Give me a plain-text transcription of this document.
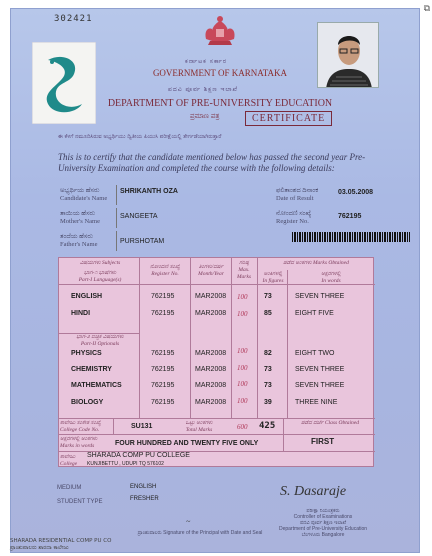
⧉
302421
ಕರ್ನಾಟಕ ಸರ್ಕಾರ
GOVERNMENT OF KARNATAKA
ಪದವಿ ಪೂರ್ವ ಶಿಕ್ಷಣ ಇಲಾಖೆ
DEPARTMENT OF PRE-UNIVERSITY EDUCATION
ಪ್ರಮಾಣ ಪತ್ರ	CERTIFICATE
ಈ ಕೆಳಗೆ ನಮೂದಿಸಿರುವ ಅಭ್ಯರ್ಥಿಯು ದ್ವಿತೀಯ ಪಿಯುಸಿ ಪರೀಕ್ಷೆಯಲ್ಲಿ ತೇರ್ಗಡೆಯಾಗಿರುತ್ತಾರೆ
This is to certify that the candidate mentioned below has passed the second year Pre-University Examination and completed the course with the following details:
ಅಭ್ಯರ್ಥಿಯ ಹೆಸರು
Candidate's Name
SHRIKANTH OZA	ಫಲಿತಾಂಶದ ದಿನಾಂಕ
Date of Result
03.05.2008
ತಾಯಿಯ ಹೆಸರು
Mother's Name
SANGEETA	ನೋಂದಣಿ ಸಂಖ್ಯೆ
Register No.
762195
ತಂದೆಯ ಹೆಸರು
Father's Name	PURSHOTAM
ವಿಷಯಗಳು Subjects
ಭಾಗ-೧ ಭಾಷೆಗಳು
Part-I Language(s)
ನೋಂದಣಿ ಸಂಖ್ಯೆ
Register No.
ತಿಂಗಳು/ವರ್ಷ
Month/Year
ಗರಿಷ್ಠ
Max. Marks
ಪಡೆದ ಅಂಕಗಳು Marks Obtained
ಅಂಕಿಗಳಲ್ಲಿ
In figures
ಅಕ್ಷರಗಳಲ್ಲಿ
In words
ಭಾಗ-೨ ಐಚ್ಛಿಕ ವಿಷಯಗಳು
Part-II Optionals
ENGLISH	762195	MAR2008 100 73	SEVEN THREE
HINDI	762195	MAR2008 100 85	EIGHT FIVE
PHYSICS	762195	MAR2008 100 82	EIGHT TWO
CHEMISTRY	762195	MAR2008 100 73	SEVEN THREE
MATHEMATICS	762195	MAR2008 100 73	SEVEN THREE
BIOLOGY	762195	MAR2008 100 39	THREE NINE
ಕಾಲೇಜು ಸಂಕೇತ ಸಂಖ್ಯೆ
College Code No.	SU131	ಒಟ್ಟು ಅಂಕಗಳು
Total Marks	600 425	ಪಡೆದ ದರ್ಜೆ Class Obtained
ಅಕ್ಷರಗಳಲ್ಲಿ ಅಂಕಗಳು
Marks in words	FOUR HUNDRED AND TWENTY FIVE ONLY	FIRST
ಕಾಲೇಜು
College
SHARADA COMP PU COLLEGE
KUNJIBETTU , UDUPI TQ 576102
MEDIUM	ENGLISH
STUDENT TYPE	FRESHER	S. Dasaraje
ಪರೀಕ್ಷಾ ನಿಯಂತ್ರಕರು
Controller of Examinations
ಪದವಿ ಪೂರ್ವ ಶಿಕ್ಷಣ ಇಲಾಖೆ
Department of Pre-University Education
ಬೆಂಗಳೂರು Bangalore
~
ಪ್ರಾಂಶುಪಾಲರು Signature of the Principal with Date and Seal
SHARADA RESIDENTIAL COMP PU CO
ಪ್ರಾಂಶುಪಾಲರು ಶಾರದಾ ಕಾಲೇಜು
